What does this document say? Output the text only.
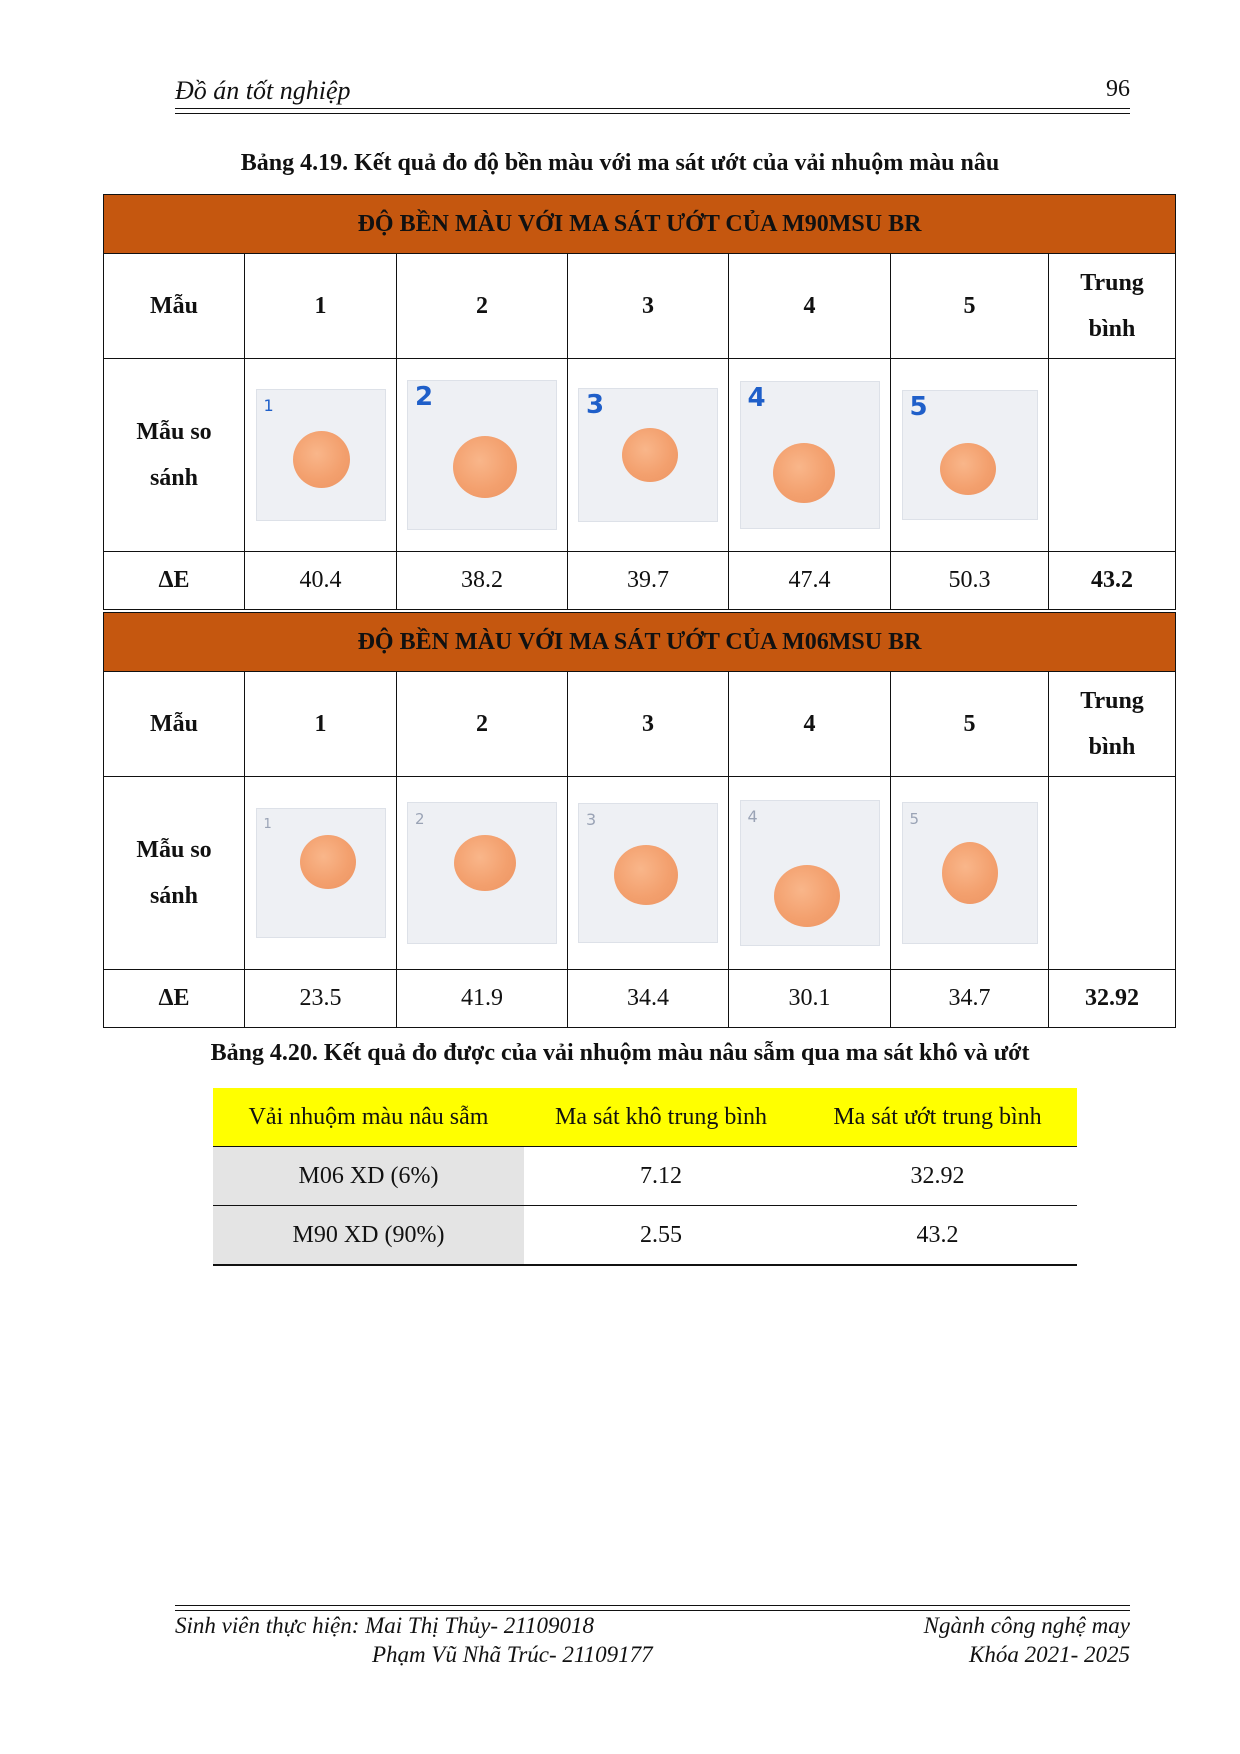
Đồ án tốt nghiệp	96
Bảng 4.19. Kết quả đo độ bền màu với ma sát ướt của vải nhuộm màu nâu
ĐỘ BỀN MÀU VỚI MA SÁT ƯỚT CỦA M90MSU BR						
Mẫu	1	2	3	4	5	Trung
bình
Mẫu so
sánh	1	2	3	4	5	

ΔE	40.4	38.2	39.7	47.4	50.3	43.2
ĐỘ BỀN MÀU VỚI MA SÁT ƯỚT CỦA M06MSU BR						
Mẫu	1	2	3	4	5	Trung
bình
Mẫu so
sánh	1	2	3	4	5	

ΔE	23.5	41.9	34.4	30.1	34.7	32.92
Bảng 4.20. Kết quả đo được của vải nhuộm màu nâu sẫm qua ma sát khô và ướt
Vải nhuộm màu nâu sẫm	Ma sát khô trung bình	Ma sát ướt trung bình
M06 XD (6%)	7.12	32.92
M90 XD (90%)	2.55	43.2
Sinh viên thực hiện: Mai Thị Thủy- 21109018
Phạm Vũ Nhã Trúc- 21109177
Ngành công nghệ may
Khóa 2021- 2025
